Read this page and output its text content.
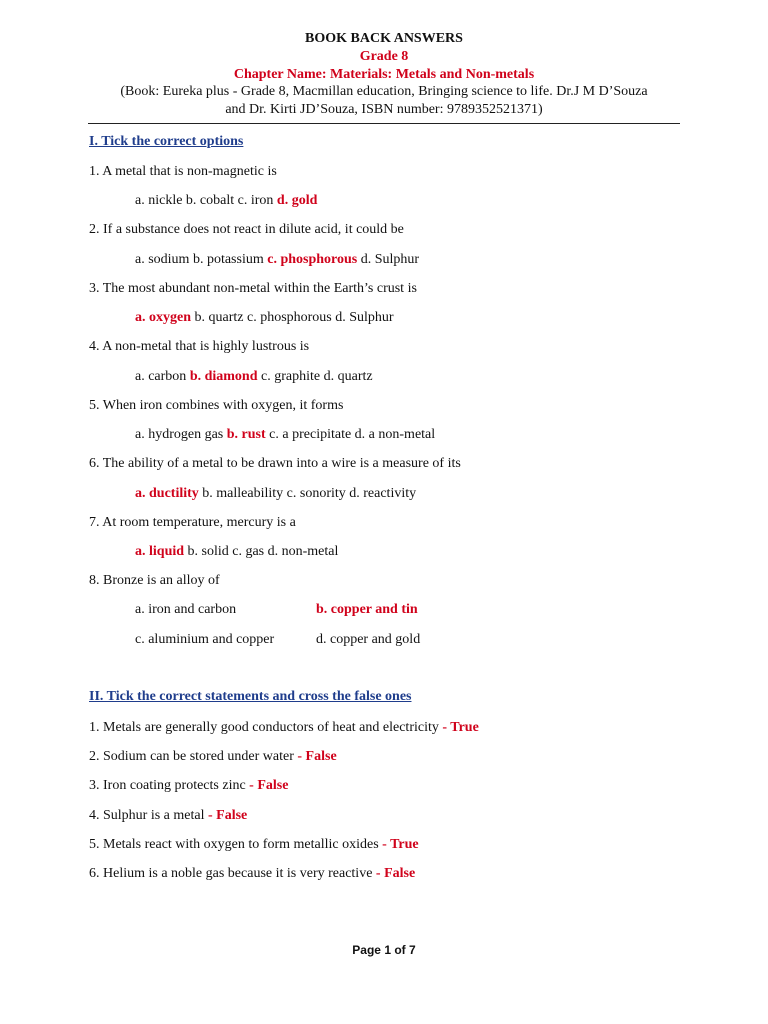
BOOK BACK ANSWERS
Grade 8
Chapter Name: Materials: Metals and Non-metals
(Book: Eureka plus - Grade 8, Macmillan education, Bringing science to life. Dr.J M D’Souza
and Dr. Kirti JD’Souza, ISBN number: 9789352521371)
I. Tick the correct options
1. A metal that is non-magnetic is
a. nickle b. cobalt c. iron d. gold
2. If a substance does not react in dilute acid, it could be
a. sodium b. potassium c. phosphorous d. Sulphur
3. The most abundant non-metal within the Earth’s crust is
a. oxygen b. quartz c. phosphorous d. Sulphur
4. A non-metal that is highly lustrous is
a. carbon b. diamond c. graphite d. quartz
5. When iron combines with oxygen, it forms
a. hydrogen gas b. rust c. a precipitate d. a non-metal
6. The ability of a metal to be drawn into a wire is a measure of its
a. ductility b. malleability c. sonority d. reactivity
7. At room temperature, mercury is a
a. liquid b. solid c. gas d. non-metal
8. Bronze is an alloy of
a. iron and carbon	b. copper and tin
c. aluminium and copper	d. copper and gold
II. Tick the correct statements and cross the false ones
1. Metals are generally good conductors of heat and electricity - True
2. Sodium can be stored under water - False
3. Iron coating protects zinc - False
4. Sulphur is a metal - False
5. Metals react with oxygen to form metallic oxides - True
6. Helium is a noble gas because it is very reactive - False
Page 1 of 7
